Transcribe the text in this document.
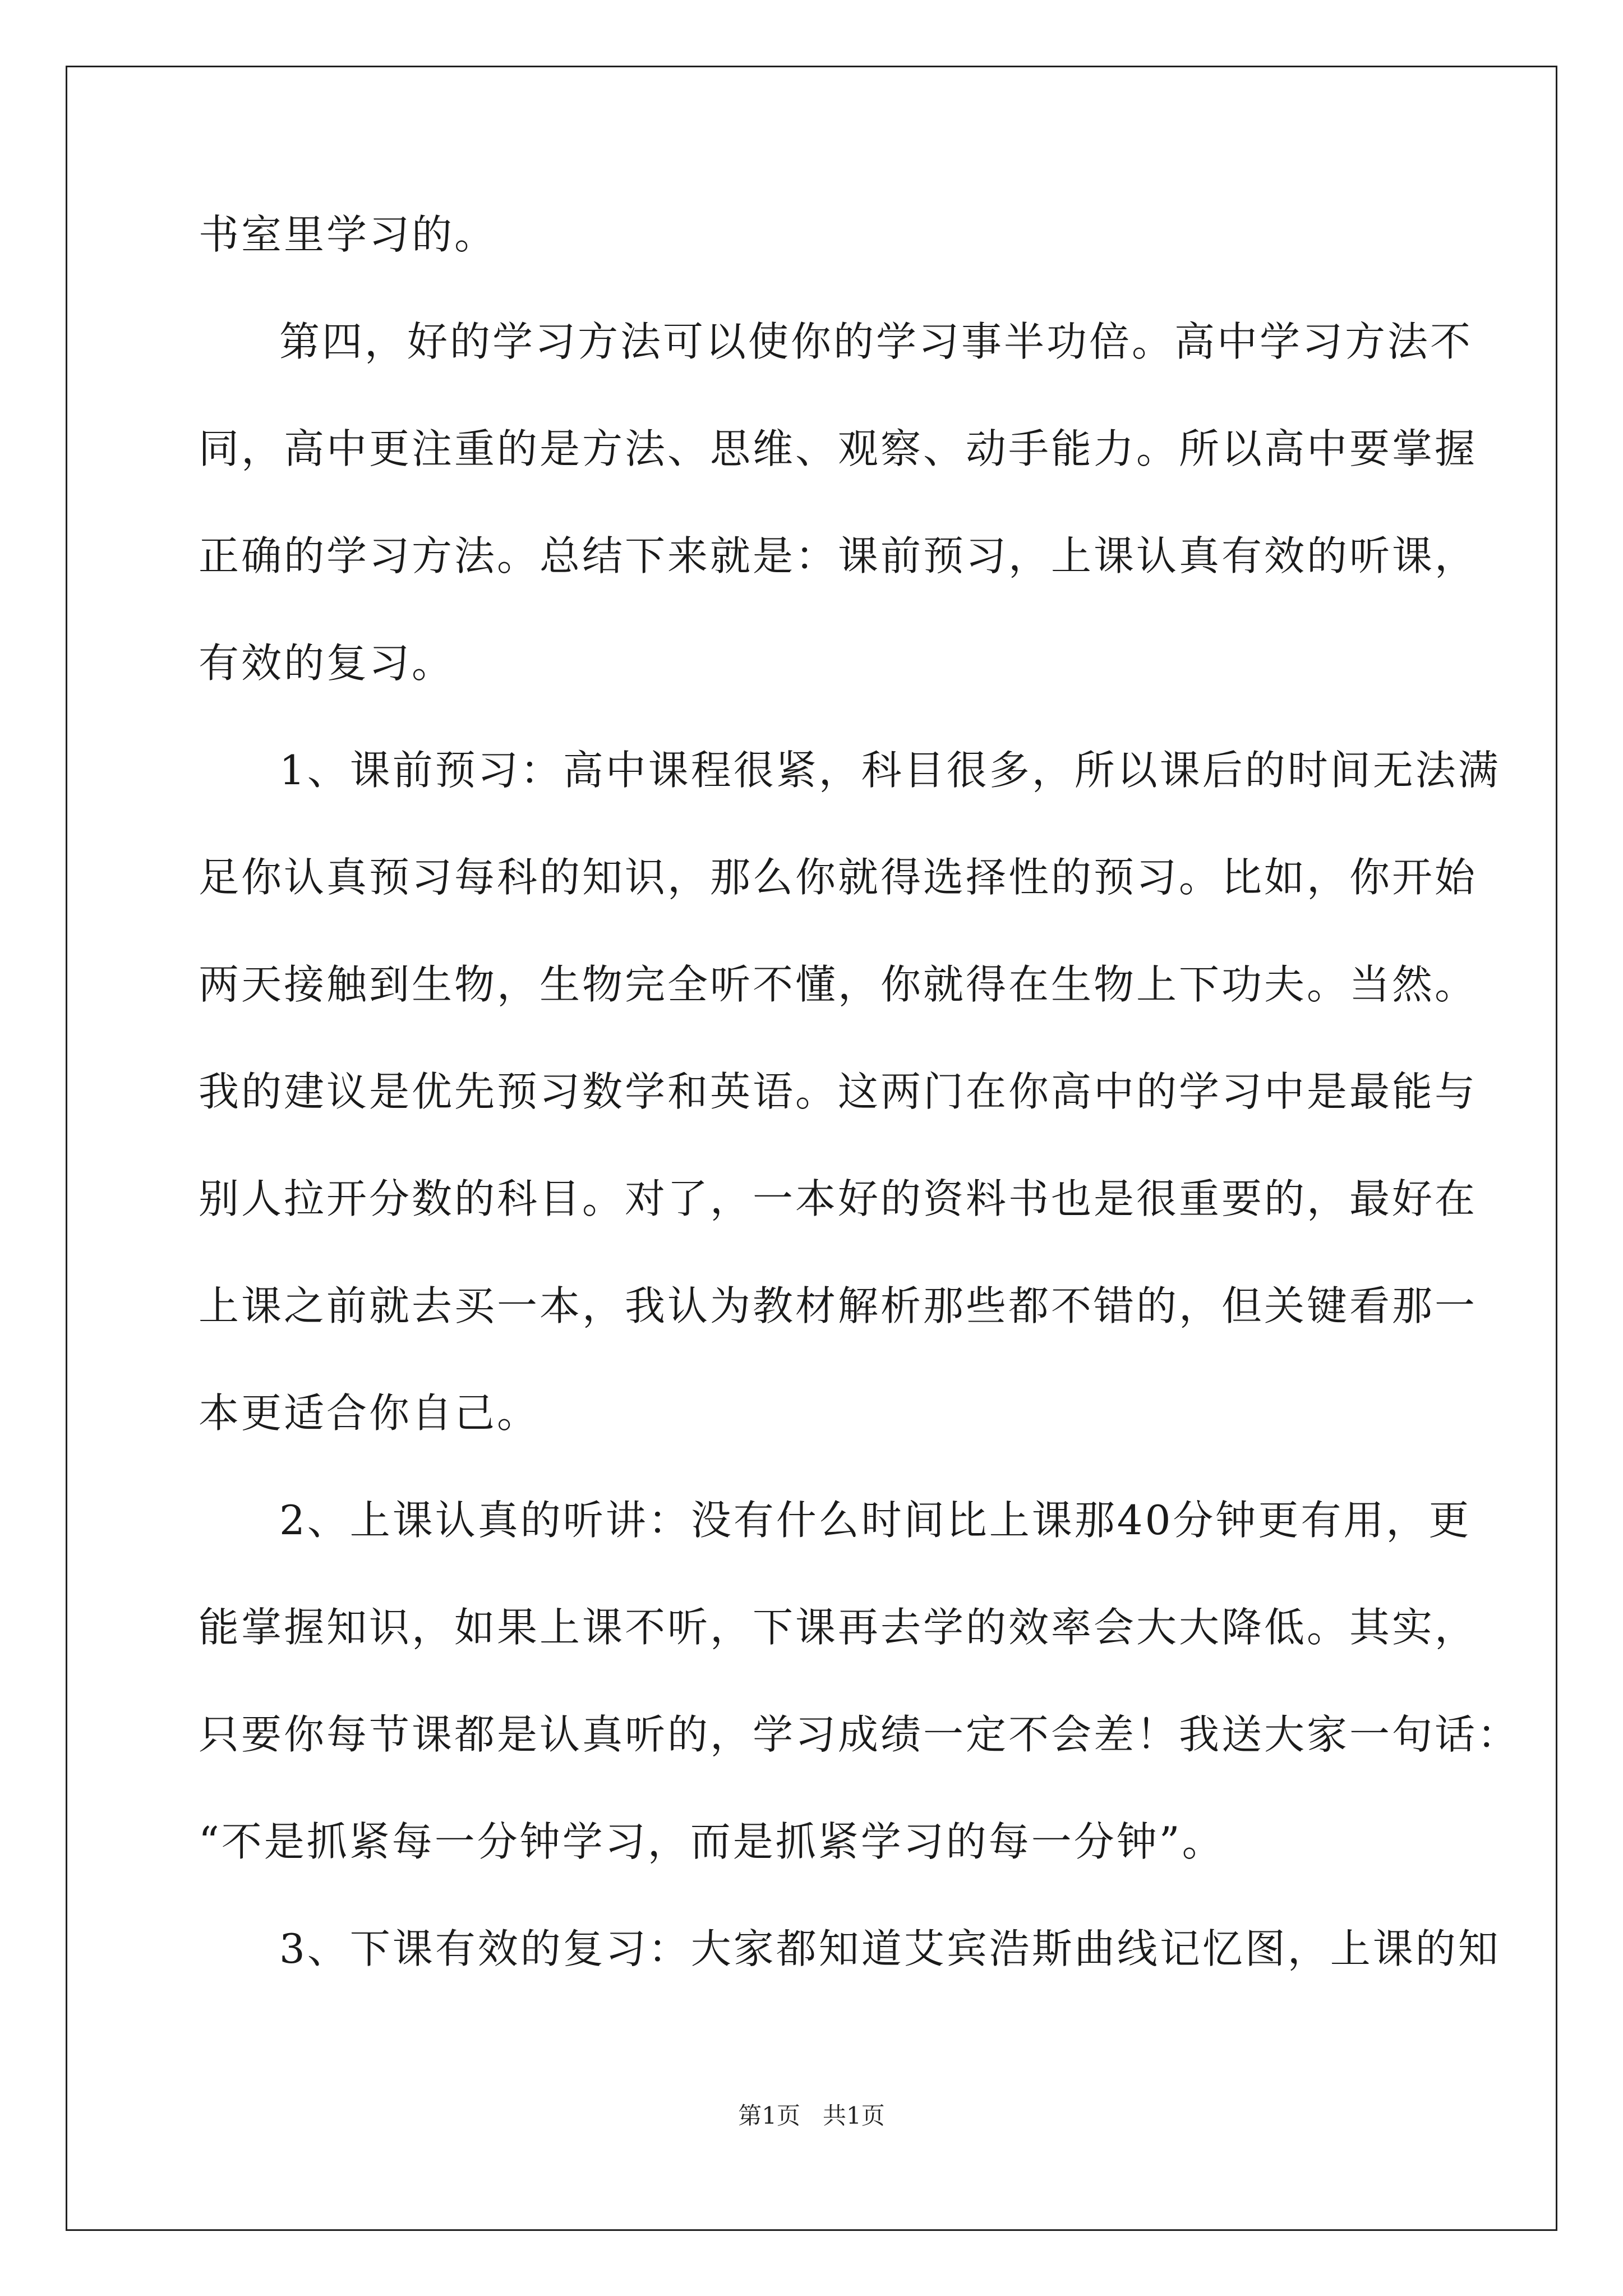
书室里学习的。
第四，好的学习方法可以使你的学习事半功倍。高中学习方法不
同，高中更注重的是方法、思维、观察、动手能力。所以高中要掌握
正确的学习方法。总结下来就是：课前预习，上课认真有效的听课，
有效的复习。
1、课前预习：高中课程很紧，科目很多，所以课后的时间无法满
足你认真预习每科的知识，那么你就得选择性的预习。比如，你开始
两天接触到生物，生物完全听不懂，你就得在生物上下功夫。当然。
我的建议是优先预习数学和英语。这两门在你高中的学习中是最能与
别人拉开分数的科目。对了，一本好的资料书也是很重要的，最好在
上课之前就去买一本，我认为教材解析那些都不错的，但关键看那一
本更适合你自己。
2、上课认真的听讲：没有什么时间比上课那40分钟更有用，更
能掌握知识，如果上课不听，下课再去学的效率会大大降低。其实，
只要你每节课都是认真听的，学习成绩一定不会差！我送大家一句话：
“不是抓紧每一分钟学习，而是抓紧学习的每一分钟”。
3、下课有效的复习：大家都知道艾宾浩斯曲线记忆图，上课的知
第1页 共1页
